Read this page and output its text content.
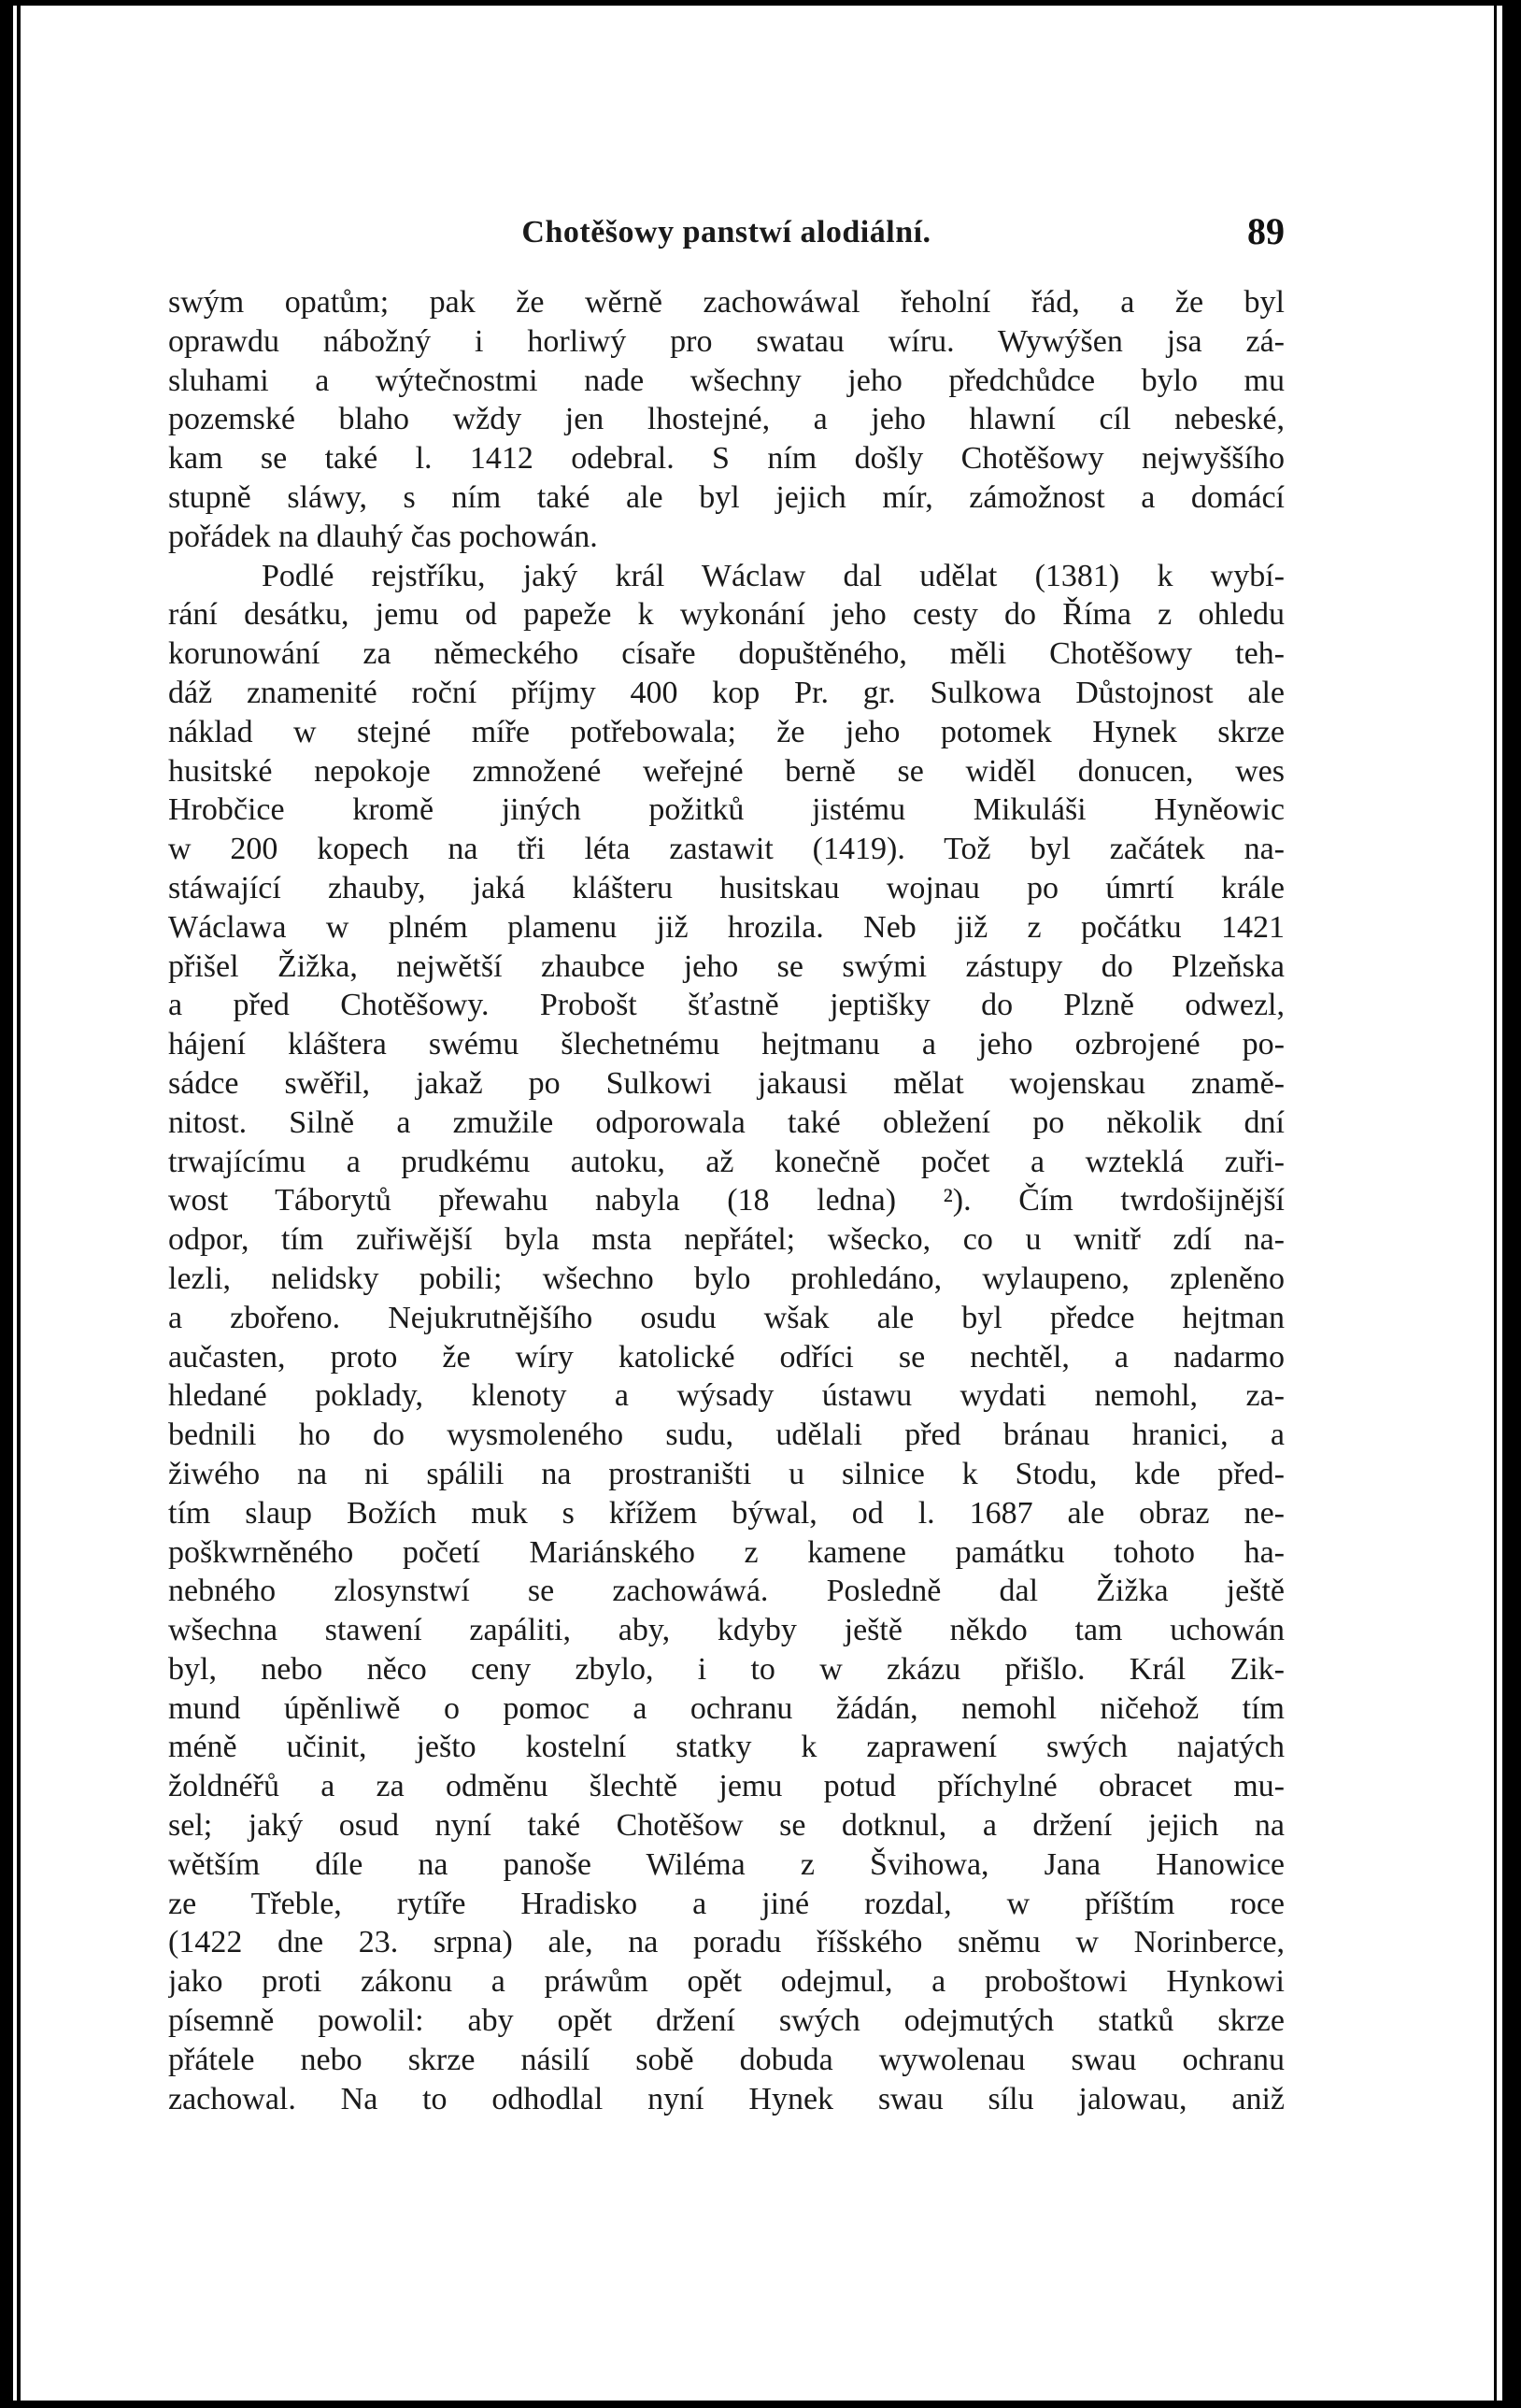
Chotěšowy panstwí alodiální.	89
swým opatům; pak že wěrně zachowáwal řeholní řád, a že byl
oprawdu nábožný i horliwý pro swatau wíru. Wywýšen jsa zá-
sluhami a wýtečnostmi nade wšechny jeho předchůdce bylo mu
pozemské blaho wždy jen lhostejné, a jeho hlawní cíl nebeské,
kam se také l. 1412 odebral. S ním došly Chotěšowy nejwyššího
stupně sláwy, s ním také ale byl jejich mír, zámožnost a domácí
pořádek na dlauhý čas pochowán.
Podlé rejstříku, jaký král Wáclaw dal udělat (1381) k wybí-
rání desátku, jemu od papeže k wykonání jeho cesty do Říma z ohledu
korunowání za německého císaře dopuštěného, měli Chotěšowy teh-
dáž znamenité roční příjmy 400 kop Pr. gr. Sulkowa Důstojnost ale
náklad w stejné míře potřebowala; že jeho potomek Hynek skrze
husitské nepokoje zmnožené weřejné berně se widěl donucen, wes
Hrobčice kromě jiných požitků jistému Mikuláši Hyněowic
w 200 kopech na tři léta zastawit (1419). Tož byl začátek na-
stáwající zhauby, jaká klášteru husitskau wojnau po úmrtí krále
Wáclawa w plném plamenu již hrozila. Neb již z počátku 1421
přišel Žižka, nejwětší zhaubce jeho se swými zástupy do Plzeňska
a před Chotěšowy. Probošt šťastně jeptišky do Plzně odwezl,
hájení kláštera swému šlechetnému hejtmanu a jeho ozbrojené po-
sádce swěřil, jakaž po Sulkowi jakausi mělat wojenskau znamě-
nitost. Silně a zmužile odporowala také obležení po několik dní
trwajícímu a prudkému autoku, až konečně počet a wzteklá zuři-
wost Táborytů přewahu nabyla (18 ledna) ²). Čím twrdošijnější
odpor, tím zuřiwější byla msta nepřátel; wšecko, co u wnitř zdí na-
lezli, nelidsky pobili; wšechno bylo prohledáno, wylaupeno, zpleněno
a zbořeno. Nejukrutnějšího osudu wšak ale byl předce hejtman
aučasten, proto že wíry katolické odříci se nechtěl, a nadarmo
hledané poklady, klenoty a wýsady ústawu wydati nemohl, za-
bednili ho do wysmoleného sudu, udělali před bránau hranici, a
žiwého na ni spálili na prostraništi u silnice k Stodu, kde před-
tím slaup Božích muk s křížem býwal, od l. 1687 ale obraz ne-
poškwrněného početí Mariánského z kamene památku tohoto ha-
nebného zlosynstwí se zachowáwá. Posledně dal Žižka ještě
wšechna stawení zapáliti, aby, kdyby ještě někdo tam uchowán
byl, nebo něco ceny zbylo, i to w zkázu přišlo. Král Zik-
mund úpěnliwě o pomoc a ochranu žádán, nemohl ničehož tím
méně učinit, ješto kostelní statky k zaprawení swých najatých
žoldnéřů a za odměnu šlechtě jemu potud příchylné obracet mu-
sel; jaký osud nyní také Chotěšow se dotknul, a držení jejich na
wětším díle na panoše Wiléma z Švihowa, Jana Hanowice
ze Třeble, rytíře Hradisko a jiné rozdal, w příštím roce
(1422 dne 23. srpna) ale, na poradu říšského sněmu w Norinberce,
jako proti zákonu a práwům opět odejmul, a proboštowi Hynkowi
písemně powolil: aby opět držení swých odejmutých statků skrze
přátele nebo skrze násilí sobě dobuda wywolenau swau ochranu
zachowal. Na to odhodlal nyní Hynek swau sílu jalowau, aniž
